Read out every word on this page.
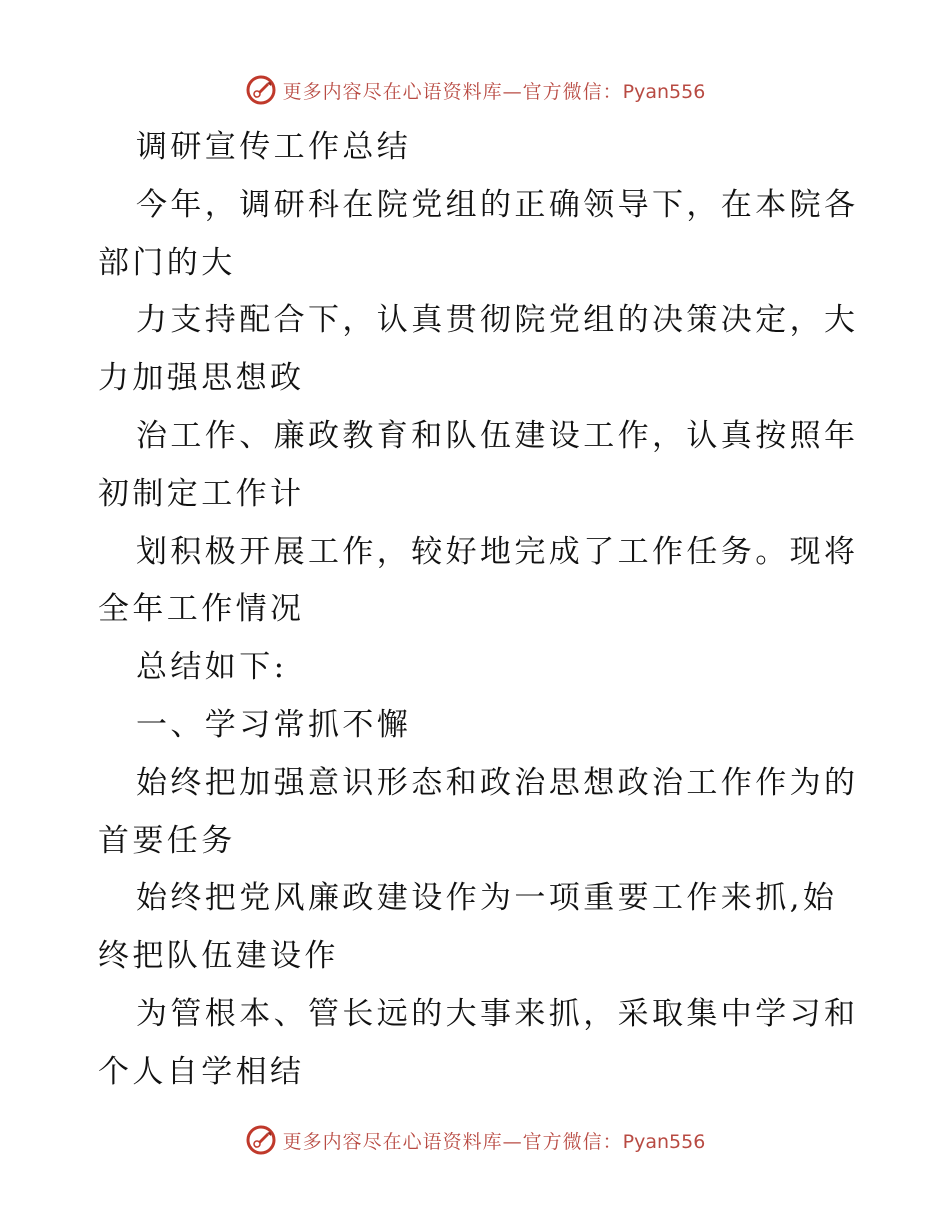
更多内容尽在心语资料库—官方微信：Pyan556
调研宣传工作总结
今年，调研科在院党组的正确领导下，在本院各
部门的大
力支持配合下，认真贯彻院党组的决策决定，大
力加强思想政
治工作、廉政教育和队伍建设工作，认真按照年
初制定工作计
划积极开展工作，较好地完成了工作任务。现将
全年工作情况
总结如下:
一、学习常抓不懈
始终把加强意识形态和政治思想政治工作作为的
首要任务
始终把党风廉政建设作为一项重要工作来抓,始
终把队伍建设作
为管根本、管长远的大事来抓，采取集中学习和
个人自学相结
更多内容尽在心语资料库—官方微信：Pyan556
